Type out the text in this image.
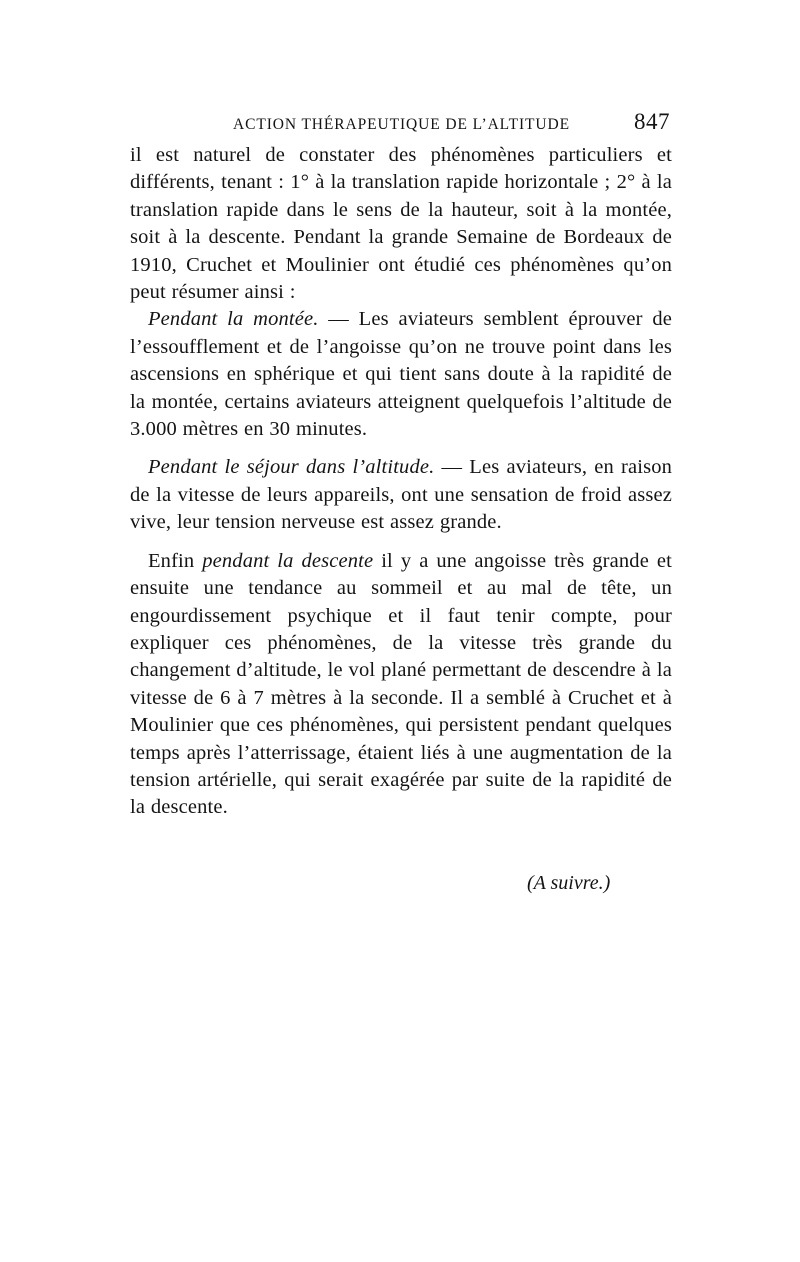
ACTION THÉRAPEUTIQUE DE L’ALTITUDE	847

il est naturel de constater des phénomènes particuliers et différents, tenant : 1° à la translation rapide horizontale ; 2° à la translation rapide dans le sens de la hauteur, soit à la montée, soit à la descente. Pendant la grande Semaine de Bordeaux de 1910, Cruchet et Moulinier ont étudié ces phénomènes qu’on peut résumer ainsi :

Pendant la montée. — Les aviateurs semblent éprouver de l’essoufflement et de l’angoisse qu’on ne trouve point dans les ascensions en sphérique et qui tient sans doute à la rapidité de la montée, certains aviateurs atteignent quelquefois l’altitude de 3.000 mètres en 30 minutes.

Pendant le séjour dans l’altitude. — Les aviateurs, en raison de la vitesse de leurs appareils, ont une sensation de froid assez vive, leur tension nerveuse est assez grande.

Enfin pendant la descente il y a une angoisse très grande et ensuite une tendance au sommeil et au mal de tête, un engourdissement psychique et il faut tenir compte, pour expliquer ces phénomènes, de la vitesse très grande du changement d’altitude, le vol plané permettant de descendre à la vitesse de 6 à 7 mètres à la seconde. Il a semblé à Cruchet et à Moulinier que ces phénomènes, qui persistent pendant quelques temps après l’atterrissage, étaient liés à une augmentation de la tension artérielle, qui serait exagérée par suite de la rapidité de la descente.

(A suivre.)
